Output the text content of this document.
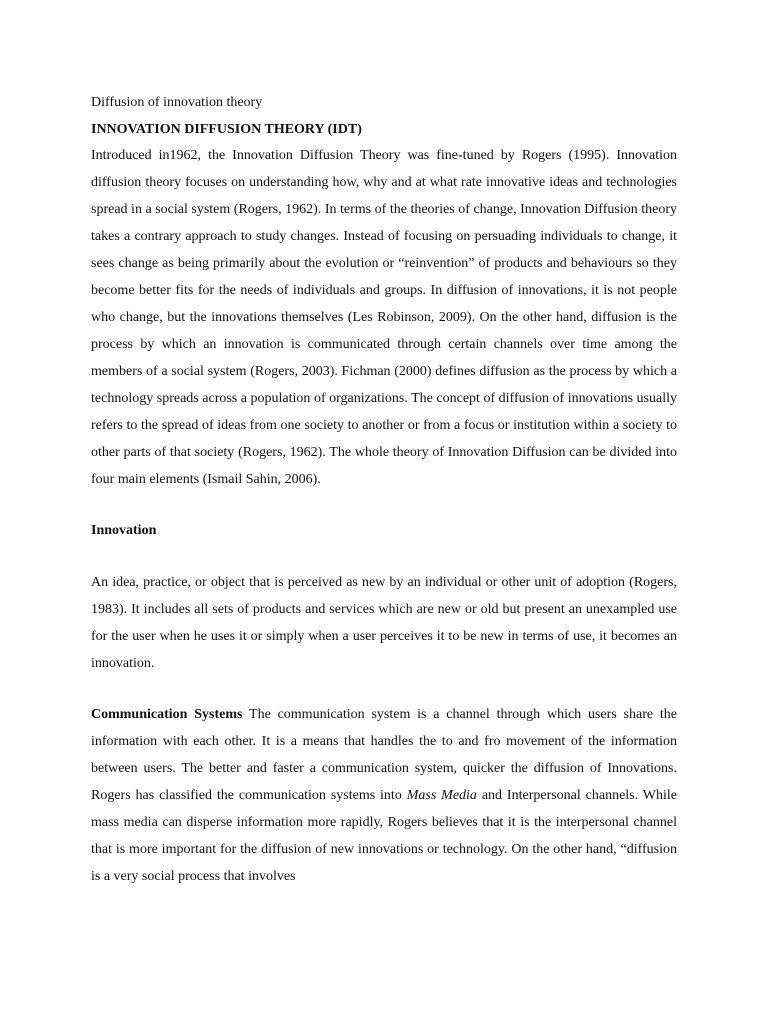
Diffusion of innovation theory

INNOVATION DIFFUSION THEORY (IDT)

Introduced in1962, the Innovation Diffusion Theory was fine-tuned by Rogers (1995). Innovation diffusion theory focuses on understanding how, why and at what rate innovative ideas and technologies spread in a social system (Rogers, 1962). In terms of the theories of change, Innovation Diffusion theory takes a contrary approach to study changes. Instead of focusing on persuading individuals to change, it sees change as being primarily about the evolution or “reinvention” of products and behaviours so they become better fits for the needs of individuals and groups. In diffusion of innovations, it is not people who change, but the innovations themselves (Les Robinson, 2009). On the other hand, diffusion is the process by which an innovation is communicated through certain channels over time among the members of a social system (Rogers, 2003). Fichman (2000) defines diffusion as the process by which a technology spreads across a population of organizations. The concept of diffusion of innovations usually refers to the spread of ideas from one society to another or from a focus or institution within a society to other parts of that society (Rogers, 1962). The whole theory of Innovation Diffusion can be divided into four main elements (Ismail Sahin, 2006).

Innovation

An idea, practice, or object that is perceived as new by an individual or other unit of adoption (Rogers, 1983). It includes all sets of products and services which are new or old but present an unexampled use for the user when he uses it or simply when a user perceives it to be new in terms of use, it becomes an innovation.

Communication Systems The communication system is a channel through which users share the information with each other. It is a means that handles the to and fro movement of the information between users. The better and faster a communication system, quicker the diffusion of Innovations. Rogers has classified the communication systems into Mass Media and Interpersonal channels. While mass media can disperse information more rapidly, Rogers believes that it is the interpersonal channel that is more important for the diffusion of new innovations or technology. On the other hand, “diffusion is a very social process that involves
